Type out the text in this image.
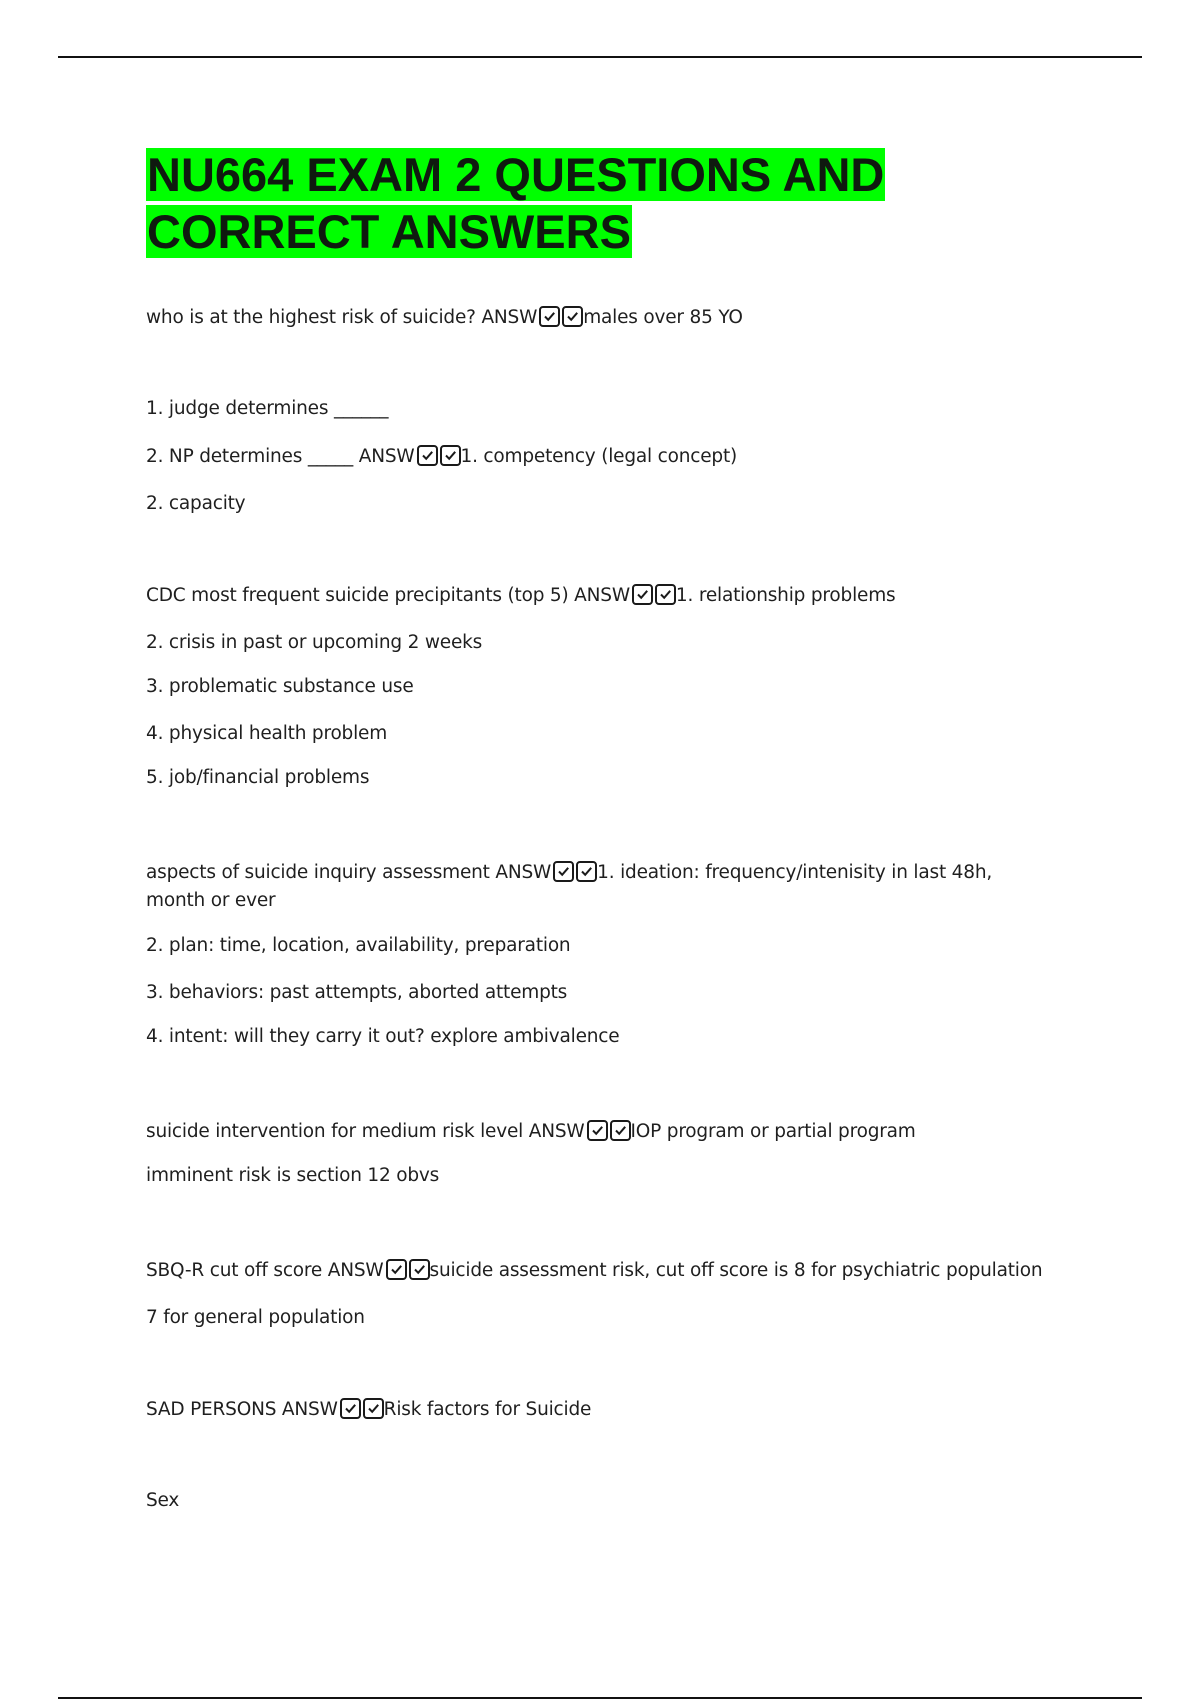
NU664 EXAM 2 QUESTIONS AND CORRECT ANSWERS
who is at the highest risk of suicide? ANSW males over 85 YO
1. judge determines ______
2. NP determines _____ ANSW 1. competency (legal concept)
2. capacity
CDC most frequent suicide precipitants (top 5) ANSW 1. relationship problems
2. crisis in past or upcoming 2 weeks
3. problematic substance use
4. physical health problem
5. job/financial problems
aspects of suicide inquiry assessment ANSW 1. ideation: frequency/intenisity in last 48h, month or ever
2. plan: time, location, availability, preparation
3. behaviors: past attempts, aborted attempts
4. intent: will they carry it out? explore ambivalence
suicide intervention for medium risk level ANSW IOP program or partial program
imminent risk is section 12 obvs
SBQ-R cut off score ANSW suicide assessment risk, cut off score is 8 for psychiatric population
7 for general population
SAD PERSONS ANSW Risk factors for Suicide
Sex
